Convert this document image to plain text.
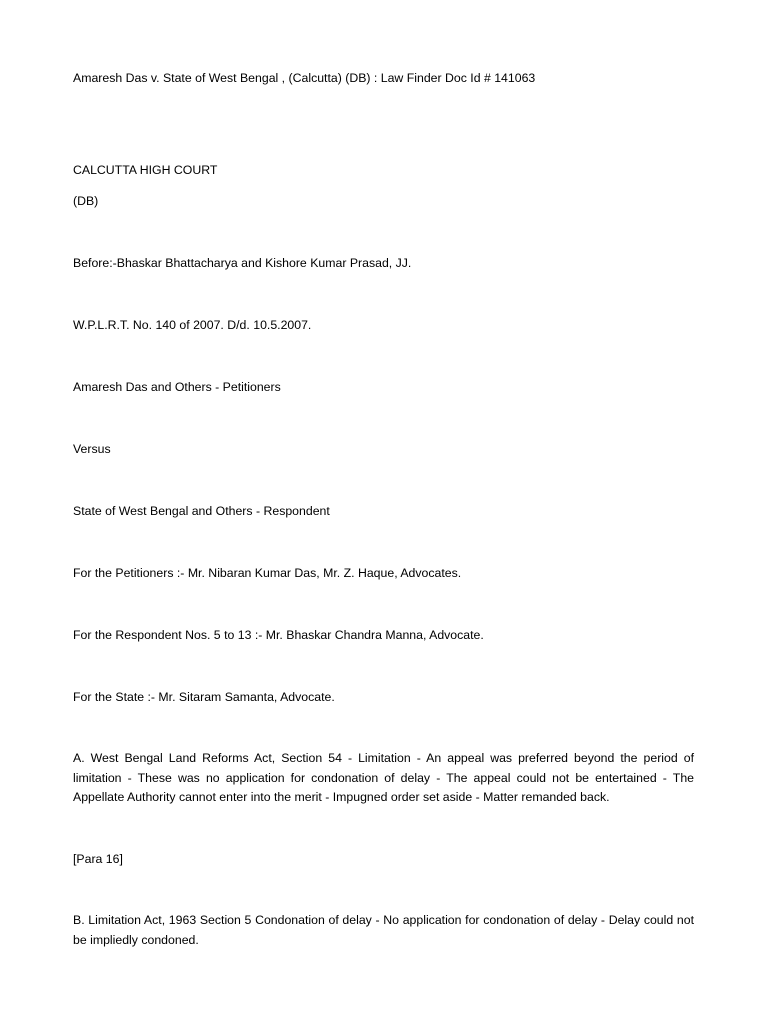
Amaresh Das v. State of West Bengal , (Calcutta) (DB) : Law Finder Doc Id # 141063
CALCUTTA HIGH COURT
(DB)
Before:-Bhaskar Bhattacharya and Kishore Kumar Prasad, JJ.
W.P.L.R.T. No. 140 of 2007. D/d. 10.5.2007.
Amaresh Das and Others - Petitioners
Versus
State of West Bengal and Others - Respondent
For the Petitioners :- Mr. Nibaran Kumar Das, Mr. Z. Haque, Advocates.
For the Respondent Nos. 5 to 13 :- Mr. Bhaskar Chandra Manna, Advocate.
For the State :- Mr. Sitaram Samanta, Advocate.
A. West Bengal Land Reforms Act, Section 54 - Limitation - An appeal was preferred beyond the period of limitation - These was no application for condonation of delay - The appeal could not be entertained - The Appellate Authority cannot enter into the merit - Impugned order set aside - Matter remanded back.
[Para 16]
B. Limitation Act, 1963 Section 5 Condonation of delay - No application for condonation of delay - Delay could not be impliedly condoned.
